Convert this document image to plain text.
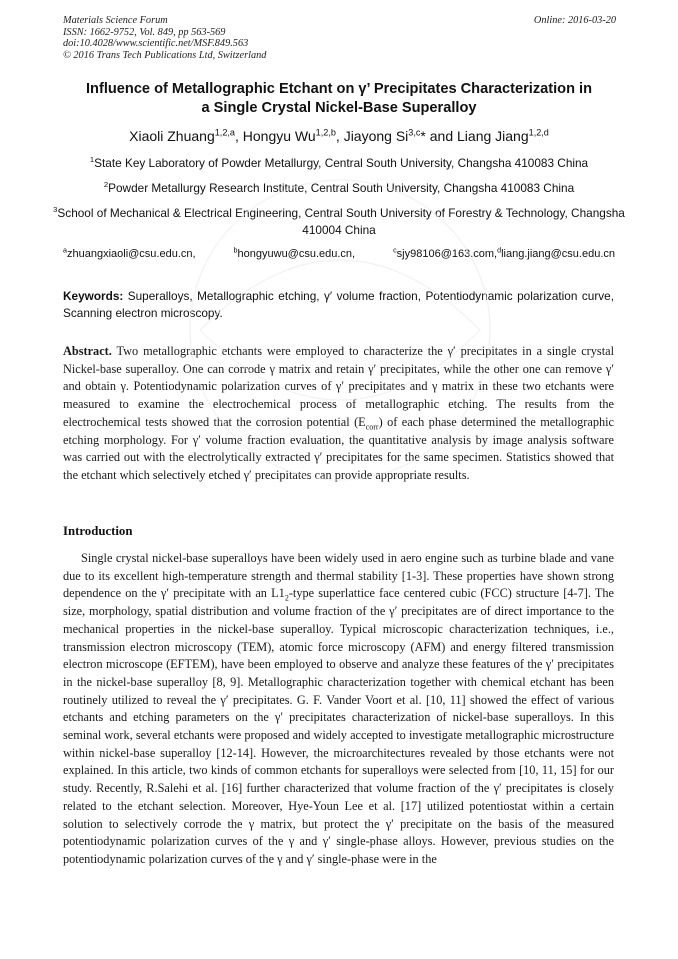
Materials Science Forum
ISSN: 1662-9752, Vol. 849, pp 563-569
doi:10.4028/www.scientific.net/MSF.849.563
© 2016 Trans Tech Publications Ltd, Switzerland
Online: 2016-03-20
Influence of Metallographic Etchant on γ’ Precipitates Characterization in
a Single Crystal Nickel-Base Superalloy
Xiaoli Zhuang$^{1,2,a}$, Hongyu Wu$^{1,2,b}$, Jiayong Si$^{3,c}$* and Liang Jiang$^{1,2,d}$
$^1$State Key Laboratory of Powder Metallurgy, Central South University, Changsha 410083 China
$^2$Powder Metallurgy Research Institute, Central South University, Changsha 410083 China
$^3$School of Mechanical & Electrical Engineering, Central South University of Forestry & Technology, Changsha 410004 China
$^a$zhuangxiaoli@csu.edu.cn, $^b$hongyuwu@csu.edu.cn, $^c$sjy98106@163.com,$^d$liang.jiang@csu.edu.cn
Keywords: Superalloys, Metallographic etching, γ′ volume fraction, Potentiodynamic polarization curve, Scanning electron microscopy.
Abstract. Two metallographic etchants were employed to characterize the γ′ precipitates in a single crystal Nickel-base superalloy. One can corrode γ matrix and retain γ′ precipitates, while the other one can remove γ′ and obtain γ. Potentiodynamic polarization curves of γ′ precipitates and γ matrix in these two etchants were measured to examine the electrochemical process of metallographic etching. The results from the electrochemical tests showed that the corrosion potential $(E_{corr})$ of each phase determined the metallographic etching morphology. For γ′ volume fraction evaluation, the quantitative analysis by image analysis software was carried out with the electrolytically extracted γ′ precipitates for the same specimen. Statistics showed that the etchant which selectively etched γ′ precipitates can provide appropriate results.
Introduction
Single crystal nickel-base superalloys have been widely used in aero engine such as turbine blade and vane due to its excellent high-temperature strength and thermal stability [1-3]. These properties have shown strong dependence on the γ′ precipitate with an $L1_2$-type superlattice face centered cubic (FCC) structure [4-7]. The size, morphology, spatial distribution and volume fraction of the γ′ precipitates are of direct importance to the mechanical properties in the nickel-base superalloy. Typical microscopic characterization techniques, i.e., transmission electron microscopy (TEM), atomic force microscopy (AFM) and energy filtered transmission electron microscope (EFTEM), have been employed to observe and analyze these features of the γ′ precipitates in the nickel-base superalloy [8, 9]. Metallographic characterization together with chemical etchant has been routinely utilized to reveal the γ′ precipitates. G. F. Vander Voort et al. [10, 11] showed the effect of various etchants and etching parameters on the γ′ precipitates characterization of nickel-base superalloys. In this seminal work, several etchants were proposed and widely accepted to investigate metallographic microstructure within nickel-base superalloy [12-14]. However, the microarchitectures revealed by those etchants were not explained. In this article, two kinds of common etchants for superalloys were selected from [10, 11, 15] for our study. Recently, R.Salehi et al. [16] further characterized that volume fraction of the γ′ precipitates is closely related to the etchant selection. Moreover, Hye-Youn Lee et al. [17] utilized potentiostat within a certain solution to selectively corrode the γ matrix, but protect the γ′ precipitate on the basis of the measured potentiodynamic polarization curves of the γ and γ′ single-phase alloys. However, previous studies on the potentiodynamic polarization curves of the γ and γ′ single-phase were in the
